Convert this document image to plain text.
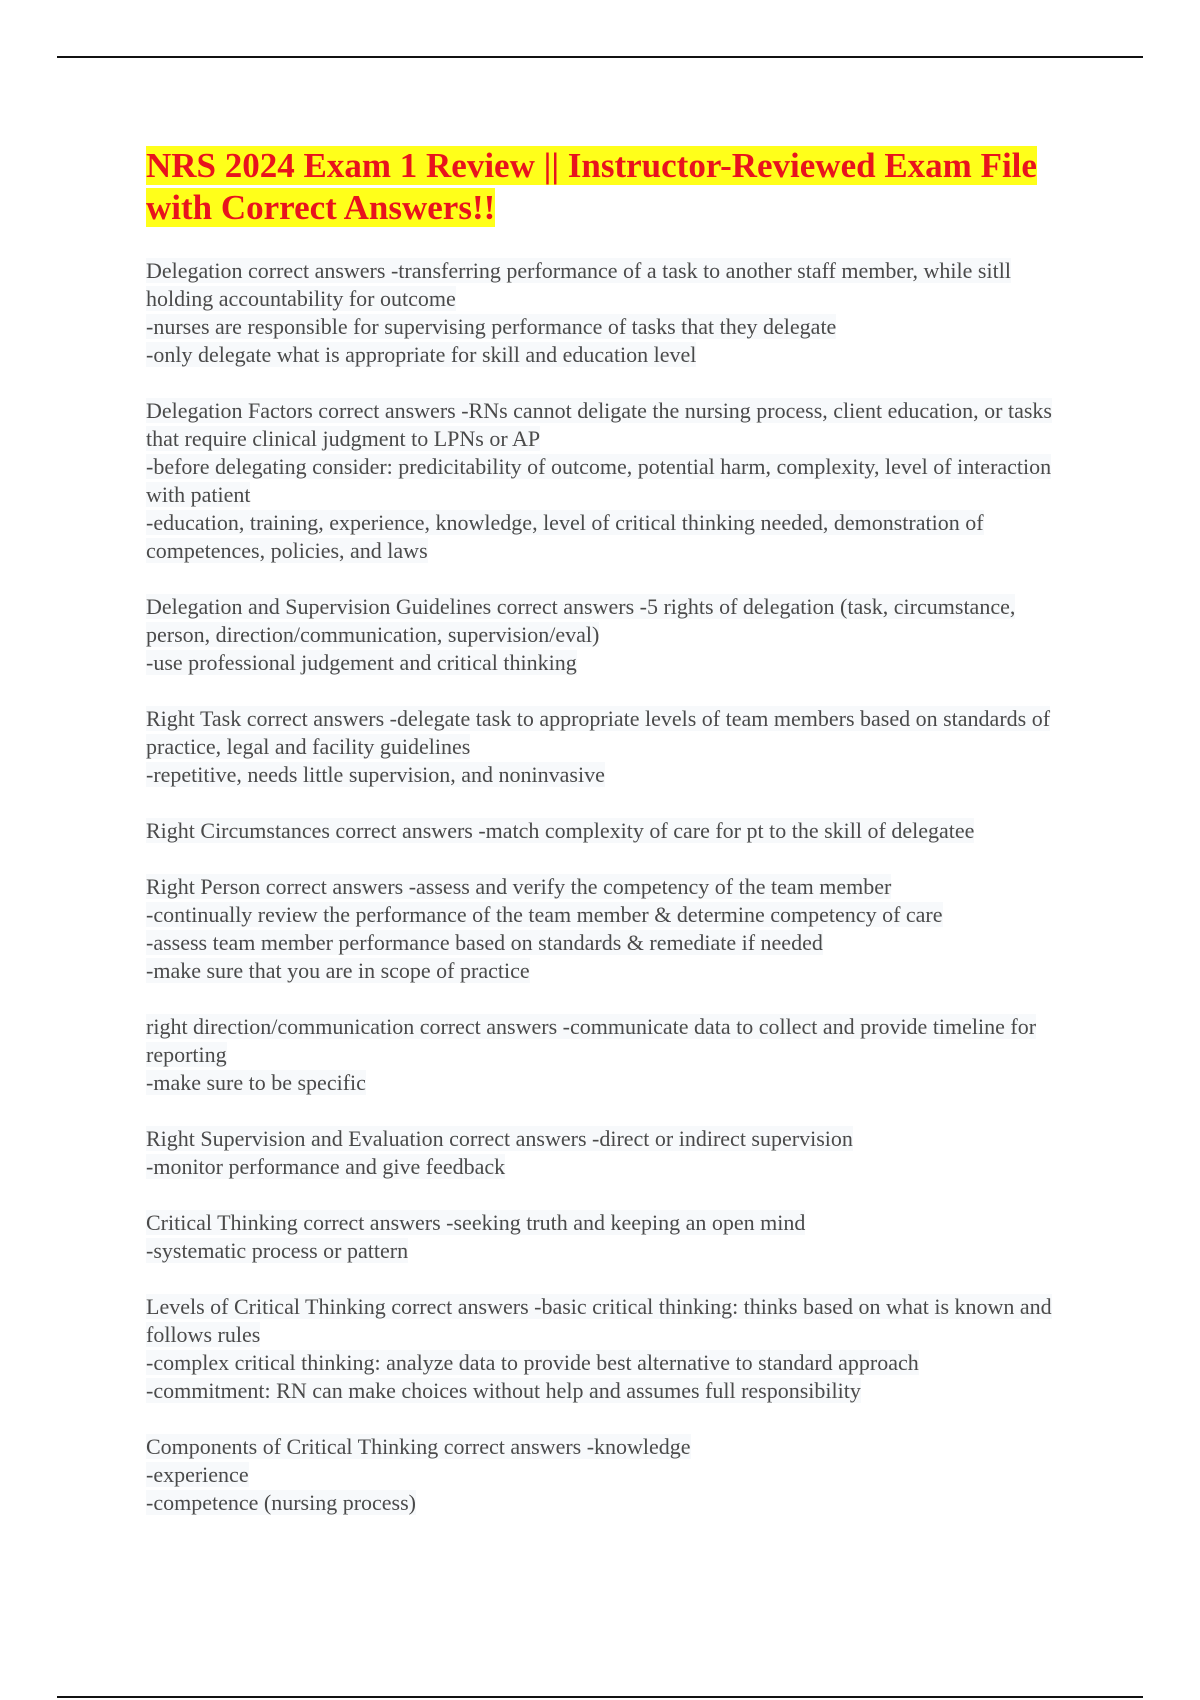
NRS 2024 Exam 1 Review || Instructor-Reviewed Exam File with Correct Answers!!
Delegation correct answers -transferring performance of a task to another staff member, while sitll holding accountability for outcome
-nurses are responsible for supervising performance of tasks that they delegate
-only delegate what is appropriate for skill and education level
Delegation Factors correct answers -RNs cannot deligate the nursing process, client education, or tasks that require clinical judgment to LPNs or AP
-before delegating consider: predicitability of outcome, potential harm, complexity, level of interaction with patient
-education, training, experience, knowledge, level of critical thinking needed, demonstration of competences, policies, and laws
Delegation and Supervision Guidelines correct answers -5 rights of delegation (task, circumstance, person, direction/communication, supervision/eval)
-use professional judgement and critical thinking
Right Task correct answers -delegate task to appropriate levels of team members based on standards of practice, legal and facility guidelines
-repetitive, needs little supervision, and noninvasive
Right Circumstances correct answers -match complexity of care for pt to the skill of delegatee
Right Person correct answers -assess and verify the competency of the team member
-continually review the performance of the team member & determine competency of care
-assess team member performance based on standards & remediate if needed
-make sure that you are in scope of practice
right direction/communication correct answers -communicate data to collect and provide timeline for reporting
-make sure to be specific
Right Supervision and Evaluation correct answers -direct or indirect supervision
-monitor performance and give feedback
Critical Thinking correct answers -seeking truth and keeping an open mind
-systematic process or pattern
Levels of Critical Thinking correct answers -basic critical thinking: thinks based on what is known and follows rules
-complex critical thinking: analyze data to provide best alternative to standard approach
-commitment: RN can make choices without help and assumes full responsibility
Components of Critical Thinking correct answers -knowledge
-experience
-competence (nursing process)
